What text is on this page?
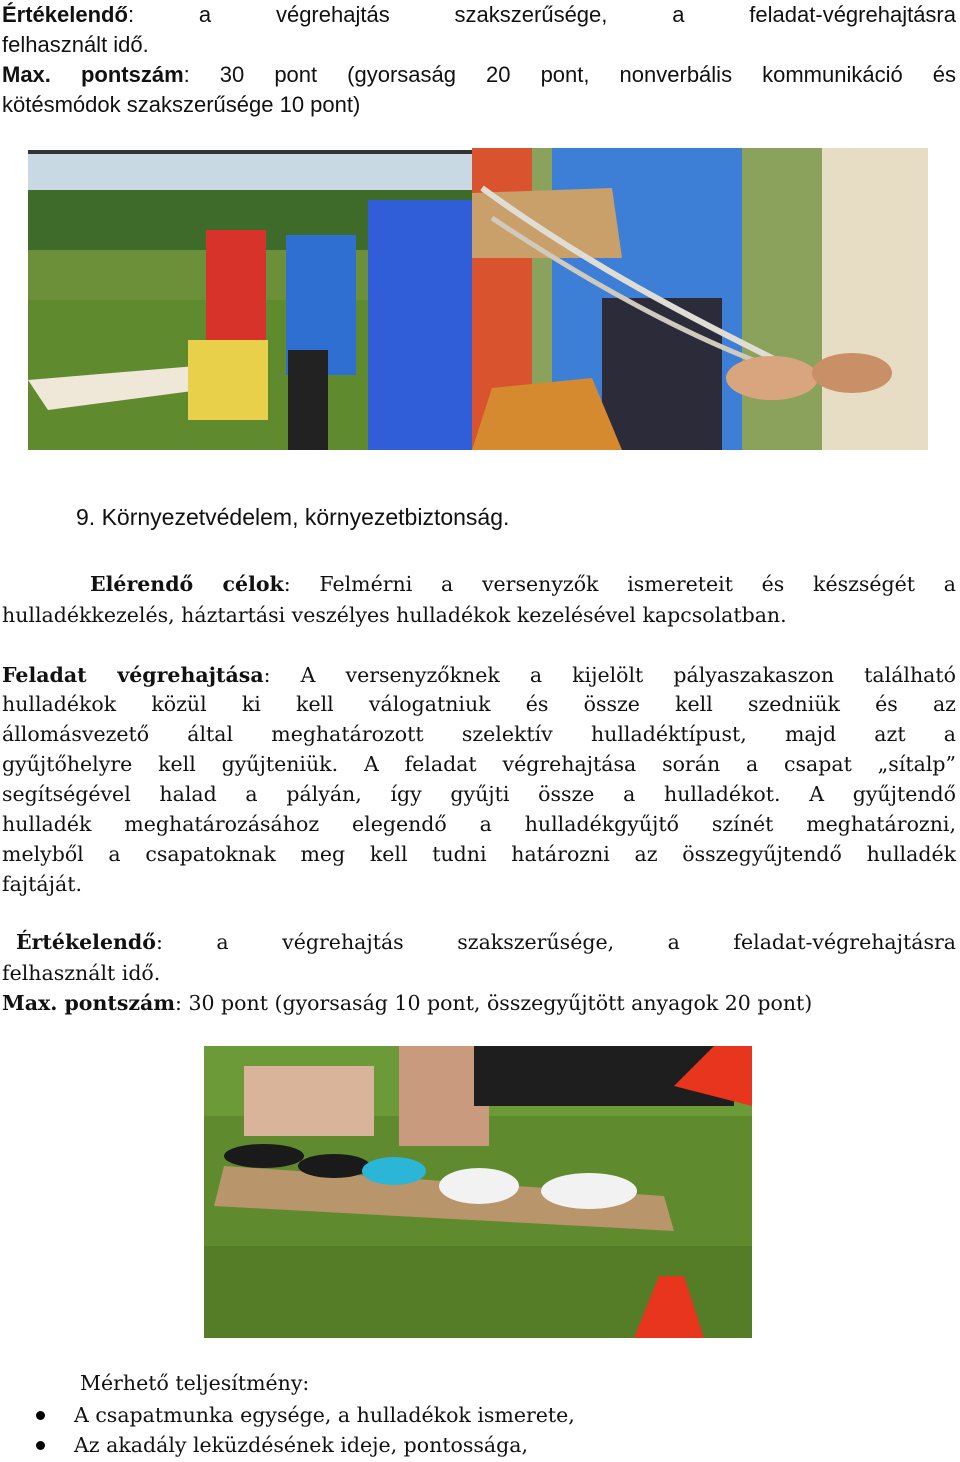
Értékelendő: a végrehajtás szakszerűsége, a feladat-végrehajtásra
felhasznált idő.
Max. pontszám: 30 pont (gyorsaság 20 pont, nonverbális kommunikáció és
kötésmódok szakszerűsége 10 pont)
9. Környezetvédelem, környezetbiztonság.
Elérendő célok: Felmérni a versenyzők ismereteit és készségét a
hulladékkezelés, háztartási veszélyes hulladékok kezelésével kapcsolatban.
Feladat végrehajtása: A versenyzőknek a kijelölt pályaszakaszon található
hulladékok közül ki kell válogatniuk és össze kell szedniük és az
állomásvezető által meghatározott szelektív hulladéktípust, majd azt a
gyűjtőhelyre kell gyűjteniük. A feladat végrehajtása során a csapat „sítalp”
segítségével halad a pályán, így gyűjti össze a hulladékot. A gyűjtendő
hulladék meghatározásához elegendő a hulladékgyűjtő színét meghatározni,
melyből a csapatoknak meg kell tudni határozni az összegyűjtendő hulladék
fajtáját.
Értékelendő: a végrehajtás szakszerűsége, a feladat-végrehajtásra
felhasznált idő.
Max. pontszám: 30 pont (gyorsaság 10 pont, összegyűjtött anyagok 20 pont)
Mérhető teljesítmény:
A csapatmunka egysége, a hulladékok ismerete,
Az akadály leküzdésének ideje, pontossága,
